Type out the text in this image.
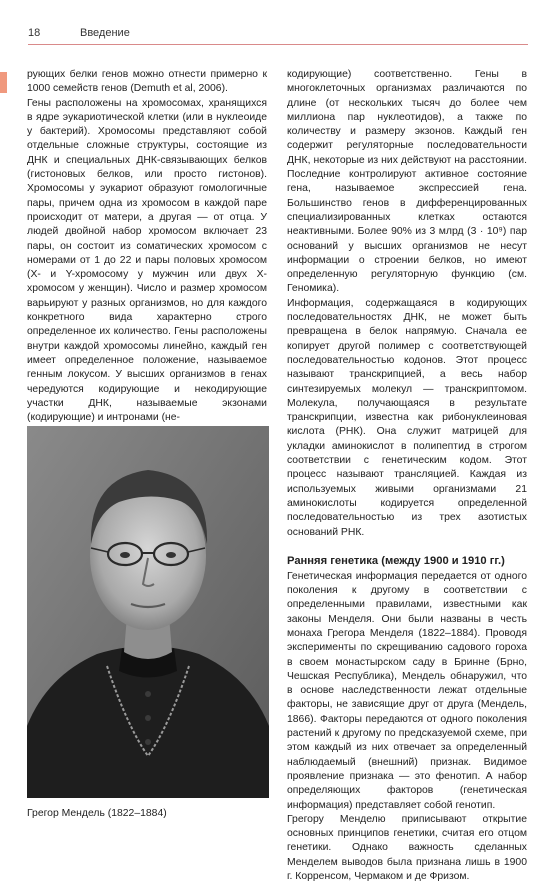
18	Введение

рующих белки генов можно отнести примерно к 1000 семейств генов (Demuth et al, 2006).

Гены расположены на хромосомах, хранящихся в ядре эукариотической клетки (или в нуклеоиде у бактерий). Хромосомы представляют собой отдельные сложные структуры, состоящие из ДНК и специальных ДНК-связывающих белков (гистоновых белков, или просто гистонов). Хромосомы у эукариот образуют гомологичные пары, причем одна из хромосом в каждой паре происходит от матери, а другая — от отца. У людей двойной набор хромосом включает 23 пары, он состоит из соматических хромосом с номерами от 1 до 22 и пары половых хромосом (X- и Y-хромосому у мужчин или двух X-хромосом у женщин). Число и размер хромосом варьируют у разных организмов, но для каждого конкретного вида характерно строго определенное их количество. Гены расположены внутри каждой хромосомы линейно, каждый ген имеет определенное положение, называемое генным локусом. У высших организмов в генах чередуются кодирующие и некодирующие участки ДНК, называемые экзонами (кодирующие) и интронами (не-

Грегор Мендель (1822–1884)

кодирующие) соответственно. Гены в многоклеточных организмах различаются по длине (от нескольких тысяч до более чем миллиона пар нуклеотидов), а также по количеству и размеру экзонов. Каждый ген содержит регуляторные последовательности ДНК, некоторые из них действуют на расстоянии. Последние контролируют активное состояние гена, называемое экспрессией гена. Большинство генов в дифференцированных специализированных клетках остаются неактивными. Более 90% из 3 млрд (3 · 10⁹) пар оснований у высших организмов не несут информации о строении белков, но имеют определенную регуляторную функцию (см. Геномика).

Информация, содержащаяся в кодирующих последовательностях ДНК, не может быть превращена в белок напрямую. Сначала ее копирует другой полимер с соответствующей последовательностью кодонов. Этот процесс называют транскрипцией, а весь набор синтезируемых молекул — транскриптомом. Молекула, получающаяся в результате транскрипции, известна как рибонуклеиновая кислота (РНК). Она служит матрицей для укладки аминокислот в полипептид в строгом соответствии с генетическим кодом. Этот процесс называют трансляцией. Каждая из используемых живыми организмами 21 аминокислоты кодируется определенной последовательностью из трех азотистых оснований РНК.

Ранняя генетика (между 1900 и 1910 гг.)

Генетическая информация передается от одного поколения к другому в соответствии с определенными правилами, известными как законы Менделя. Они были названы в честь монаха Грегора Менделя (1822–1884). Проводя эксперименты по скрещиванию садового гороха в своем монастырском саду в Бринне (Брно, Чешская Республика), Мендель обнаружил, что в основе наследственности лежат отдельные факторы, не зависящие друг от друга (Мендель, 1866). Факторы передаются от одного поколения растений к другому по предсказуемой схеме, при этом каждый из них отвечает за определенный наблюдаемый (внешний) признак. Видимое проявление признака — это фенотип. А набор определяющих факторов (генетическая информация) представляет собой генотип.

Грегору Менделю приписывают открытие основных принципов генетики, считая его отцом генетики. Однако важность сделанных Менделем выводов была признана лишь в 1900 г. Корренсом, Чермаком и де Фризом.
